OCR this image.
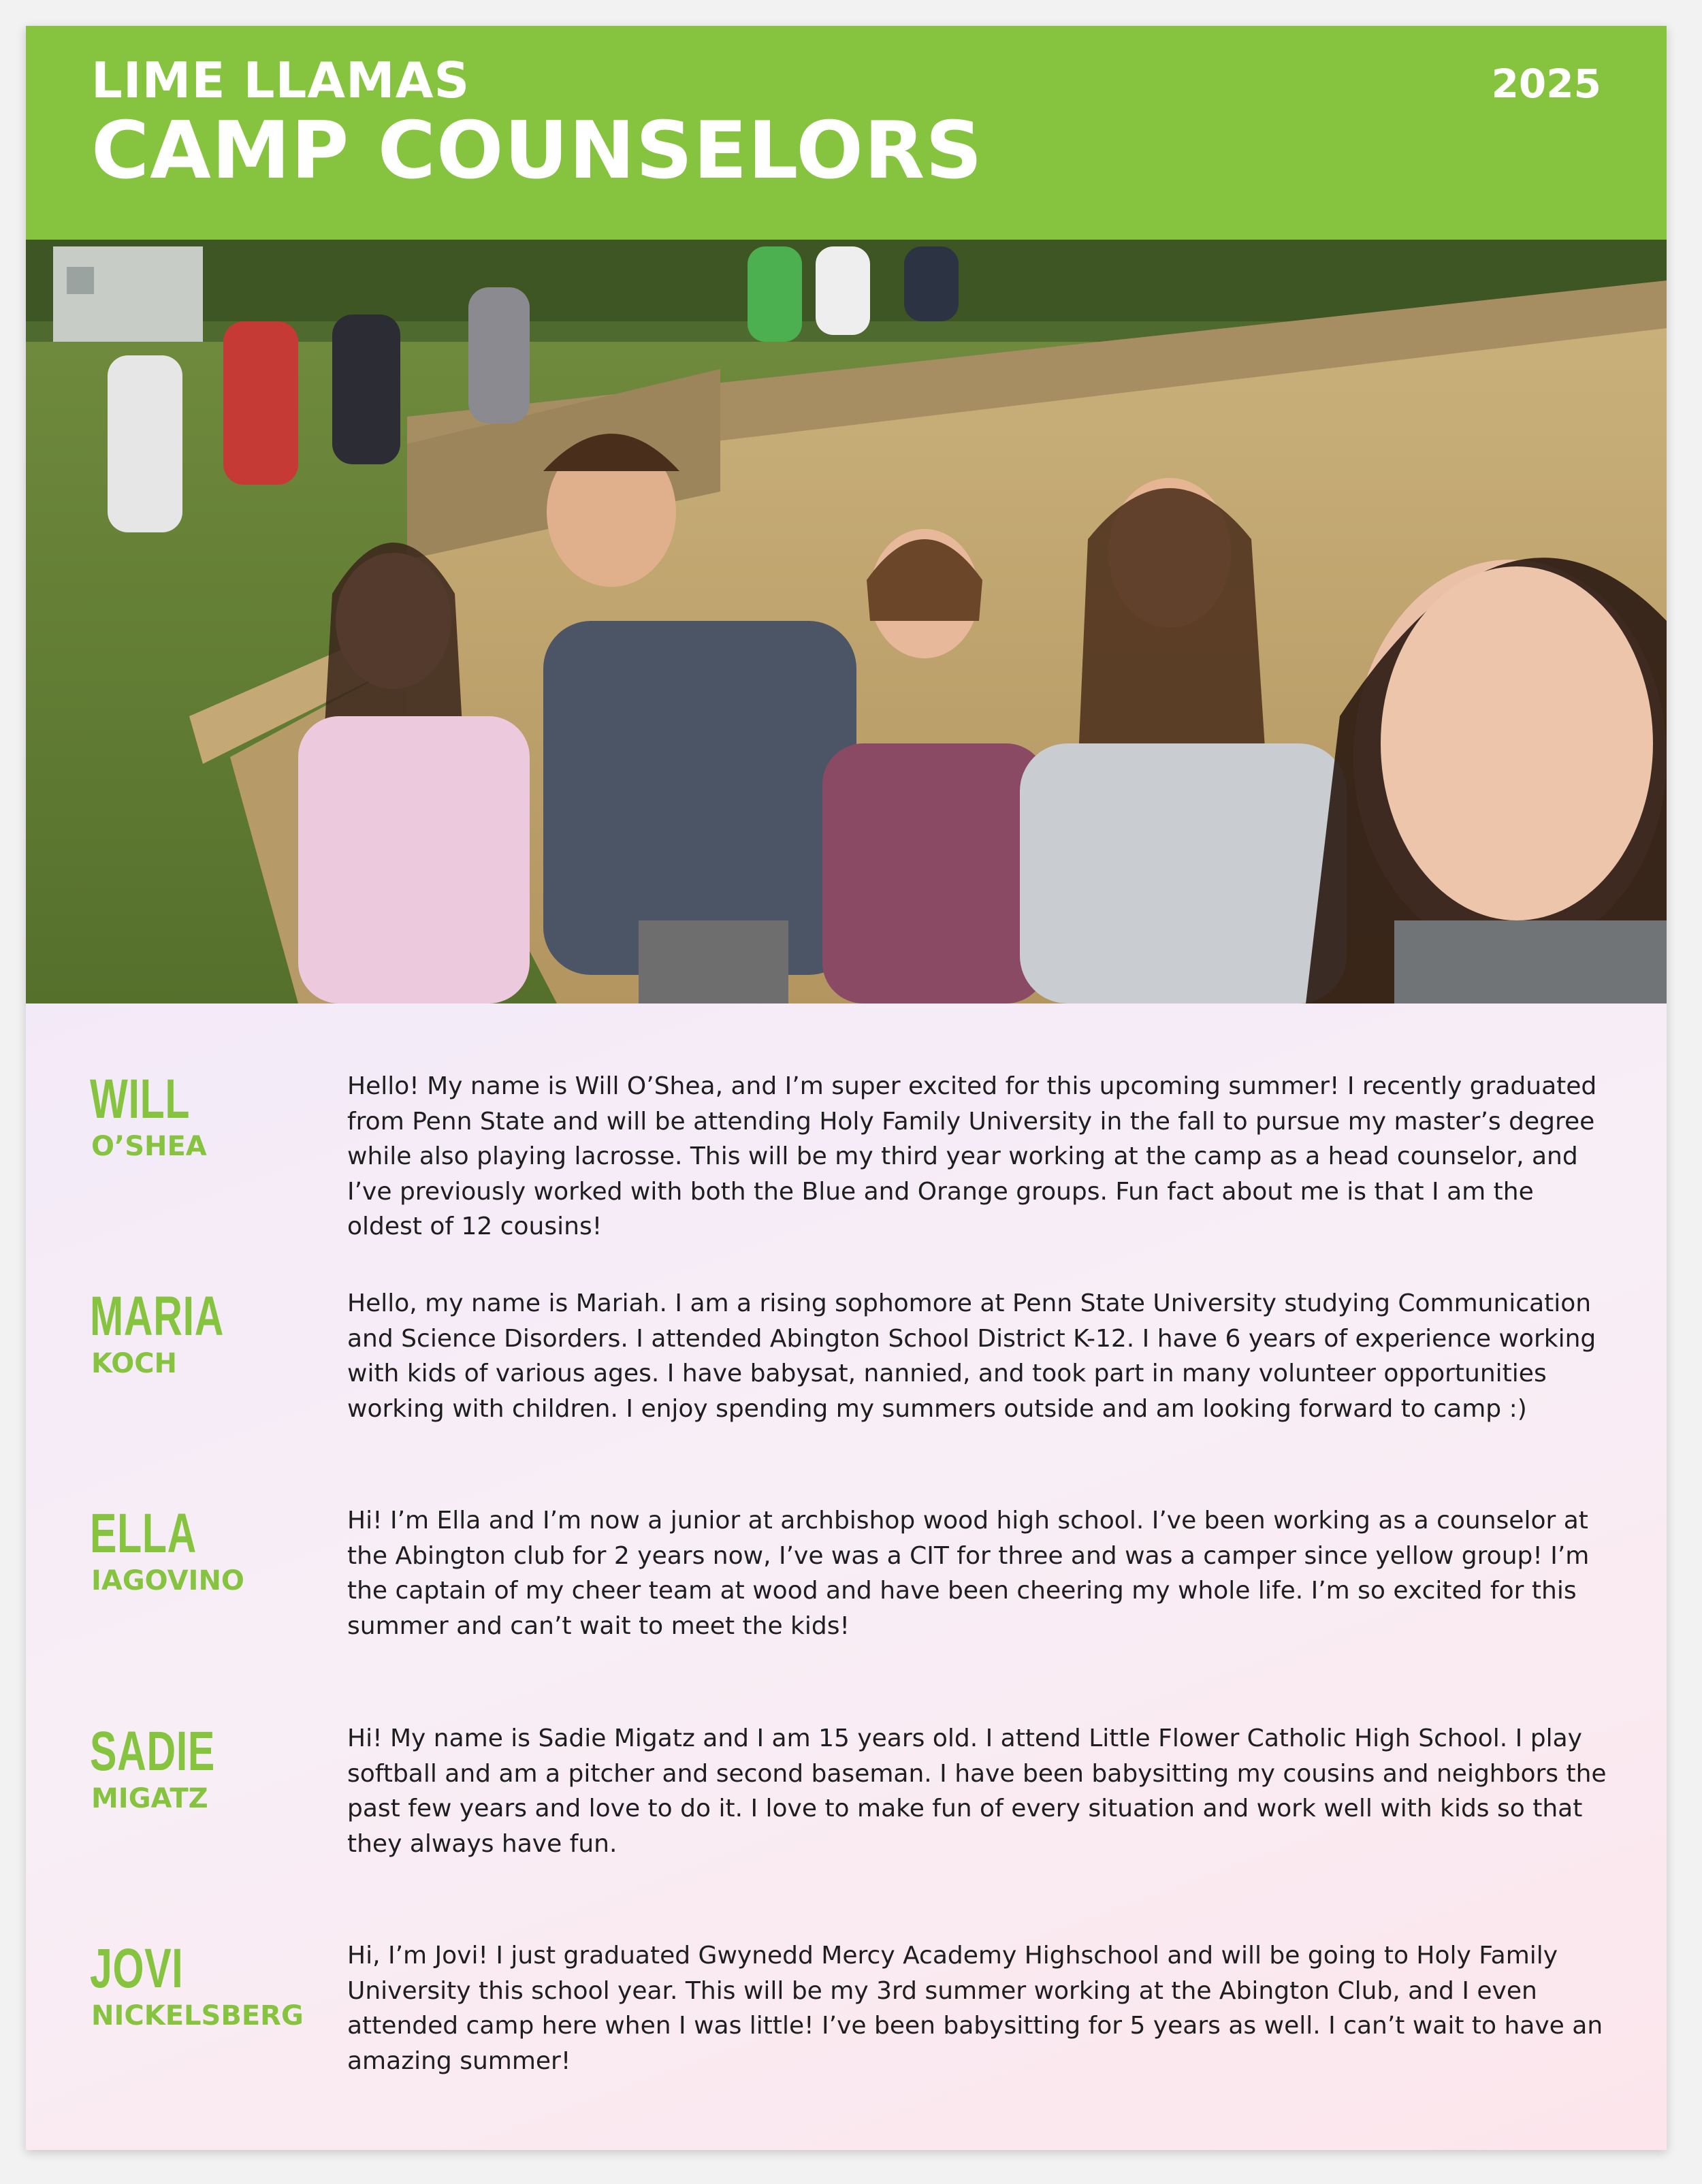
LIME LLAMAS
CAMP COUNSELORS
2025
WILL
O’SHEA
Hello! My name is Will O’Shea, and I’m super excited for this upcoming summer! I recently graduated from Penn State and will be attending Holy Family University in the fall to pursue my master’s degree while also playing lacrosse. This will be my third year working at the camp as a head counselor, and I’ve previously worked with both the Blue and Orange groups. Fun fact about me is that I am the oldest of 12 cousins!
MARIA
KOCH
Hello, my name is Mariah. I am a rising sophomore at Penn State University studying Communication and Science Disorders. I attended Abington School District K-12. I have 6 years of experience working with kids of various ages. I have babysat, nannied, and took part in many volunteer opportunities working with children. I enjoy spending my summers outside and am looking forward to camp :)
ELLA
IAGOVINO
Hi! I’m Ella and I’m now a junior at archbishop wood high school. I’ve been working as a counselor at the Abington club for 2 years now, I’ve was a CIT for three and was a camper since yellow group! I’m the captain of my cheer team at wood and have been cheering my whole life. I’m so excited for this summer and can’t wait to meet the kids!
SADIE
MIGATZ
Hi! My name is Sadie Migatz and I am 15 years old. I attend Little Flower Catholic High School. I play softball and am a pitcher and second baseman. I have been babysitting my cousins and neighbors the past few years and love to do it. I love to make fun of every situation and work well with kids so that they always have fun.
JOVI
NICKELSBERG
Hi, I’m Jovi! I just graduated Gwynedd Mercy Academy Highschool and will be going to Holy Family University this school year. This will be my 3rd summer working at the Abington Club, and I even attended camp here when I was little! I’ve been babysitting for 5 years as well. I can’t wait to have an amazing summer!
